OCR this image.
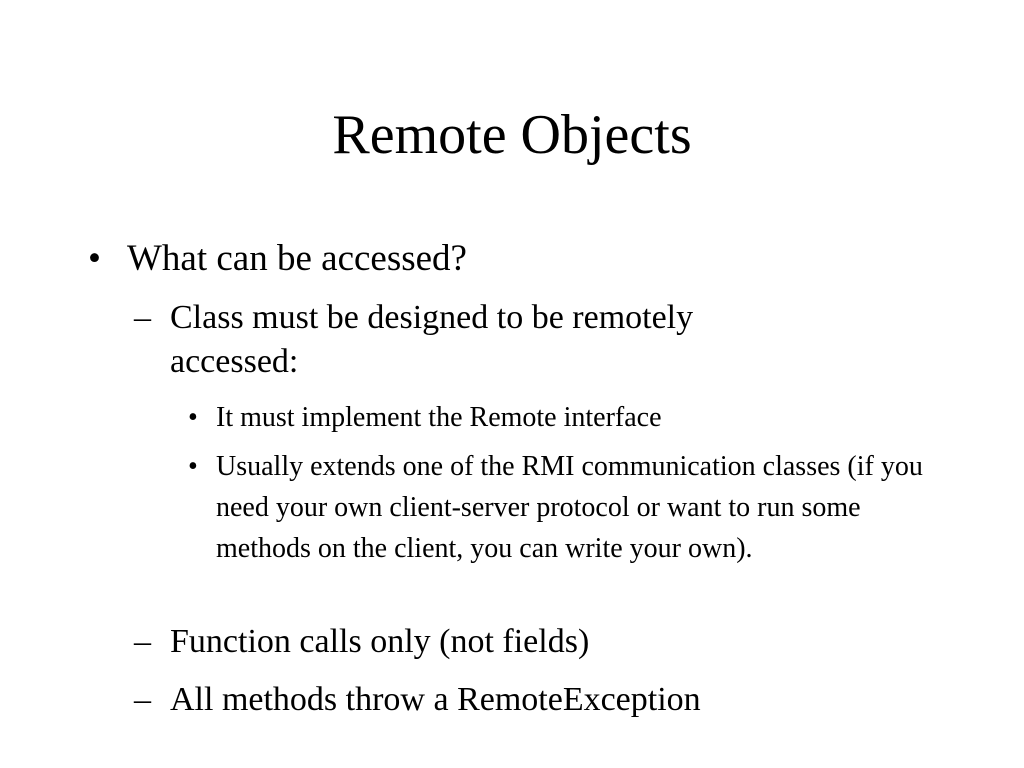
Remote Objects
• What can be accessed?
– Class must be designed to be remotely accessed:
• It must implement the Remote interface
• Usually extends one of the RMI communication classes (if you need your own client-server protocol or want to run some methods on the client, you can write your own).
– Function calls only (not fields)
– All methods throw a RemoteException
